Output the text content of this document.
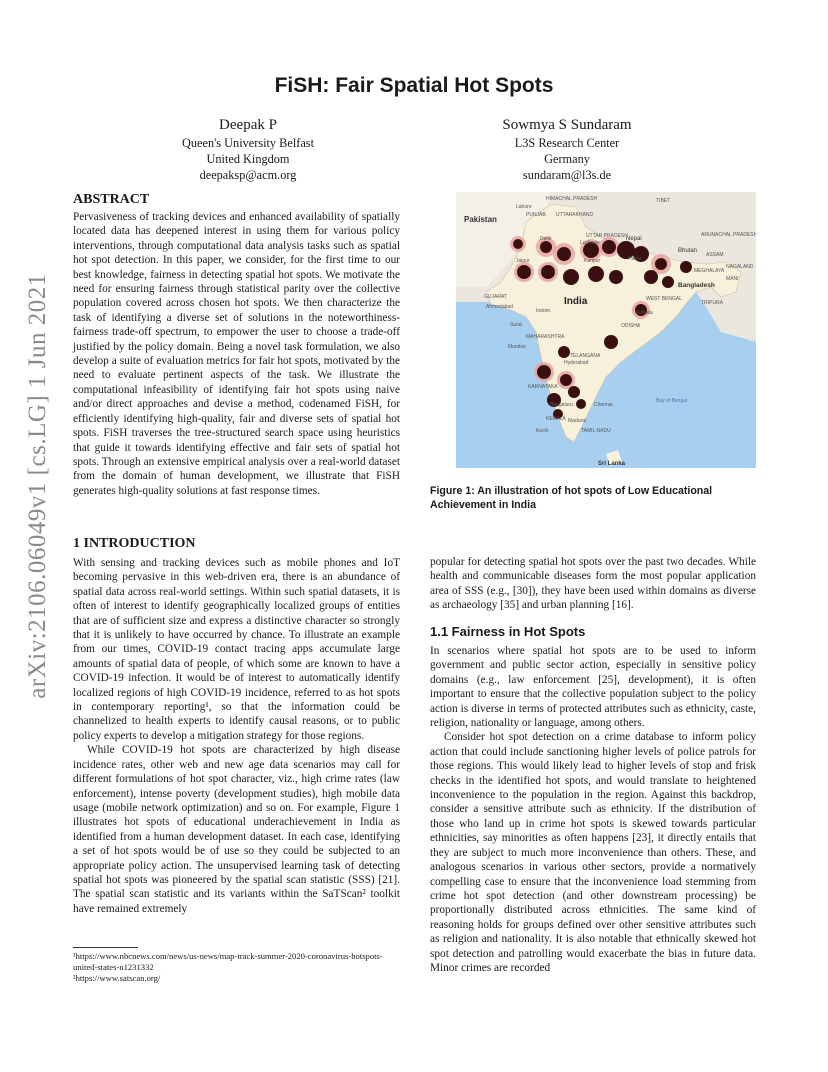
arXiv:2106.06049v1 [cs.LG] 1 Jun 2021
FiSH: Fair Spatial Hot Spots
Deepak P
Queen's University Belfast
United Kingdom
deepaksp@acm.org
Sowmya S Sundaram
L3S Research Center
Germany
sundaram@l3s.de
ABSTRACT

Pervasiveness of tracking devices and enhanced availability of spatially located data has deepened interest in using them for various policy interventions, through computational data analysis tasks such as spatial hot spot detection. In this paper, we consider, for the first time to our best knowledge, fairness in detecting spatial hot spots. We motivate the need for ensuring fairness through statistical parity over the collective population covered across chosen hot spots. We then characterize the task of identifying a diverse set of solutions in the noteworthiness-fairness trade-off spectrum, to empower the user to choose a trade-off justified by the policy domain. Being a novel task formulation, we also develop a suite of evaluation metrics for fair hot spots, motivated by the need to evaluate pertinent aspects of the task. We illustrate the computational infeasibility of identifying fair hot spots using naive and/or direct approaches and devise a method, codenamed FiSH, for efficiently identifying high-quality, fair and diverse sets of spatial hot spots. FiSH traverses the tree-structured search space using heuristics that guide it towards identifying effective and fair sets of spatial hot spots. Through an extensive empirical analysis over a real-world dataset from the domain of human development, we illustrate that FiSH generates high-quality solutions at fast response times.

1 INTRODUCTION

With sensing and tracking devices such as mobile phones and IoT becoming pervasive in this web-driven era, there is an abundance of spatial data across real-world settings. Within such spatial datasets, it is often of interest to identify geographically localized groups of entities that are of sufficient size and express a distinctive character so strongly that it is unlikely to have occurred by chance. To illustrate an example from our times, COVID-19 contact tracing apps accumulate large amounts of spatial data of people, of which some are known to have a COVID-19 infection. It would be of interest to automatically identify localized regions of high COVID-19 incidence, referred to as hot spots in contemporary reporting¹, so that the information could be channelized to health experts to identify causal reasons, or to public policy experts to develop a mitigation strategy for those regions.

While COVID-19 hot spots are characterized by high disease incidence rates, other web and new age data scenarios may call for different formulations of hot spot character, viz., high crime rates (law enforcement), intense poverty (development studies), high mobile data usage (mobile network optimization) and so on. For example, Figure 1 illustrates hot spots of educational underachievement in India as identified from a human development dataset. In each case, identifying a set of hot spots would be of use so they could be subjected to an appropriate policy action. The unsupervised learning task of detecting spatial hot spots was pioneered by the spatial scan statistic (SSS) [21]. The spatial scan statistic and its variants within the SaTScan² toolkit have remained extremely

¹https://www.nbcnews.com/news/us-news/map-track-summer-2020-coronavirus-hotspots-united-states-n1231332
²https://www.satscan.org/
Pakistan
India
Bangladesh
Bhutan
Nepal
Sri Lanka
Bay of Bengal
GUJARAT
Ahmedabad
Surat
Mumbai
MAHARASHTRA
KARNATAKA
KERALA
Chennai
Kolkata
ODISHA
TELANGANA
HIMACHAL PRADESH
PUNJAB UTTARAKHAND
TIBET
UTTAR PRADESH
TAMIL NADU
WEST BENGAL
ASSAM
TRIPURA
ARUNACHAL PRADESH
NAGALAND
MANI
MEGHALAYA
Lahore
Delhi
Jaipur
Indore
Madurai
Kochi
Bengaluru
Hyderabad
Kanpur	Patna
Lucknow
Figure 1: An illustration of hot spots of Low Educational Achievement in India

popular for detecting spatial hot spots over the past two decades. While health and communicable diseases form the most popular application area of SSS (e.g., [30]), they have been used within domains as diverse as archaeology [35] and urban planning [16].

1.1 Fairness in Hot Spots

In scenarios where spatial hot spots are to be used to inform government and public sector action, especially in sensitive policy domains (e.g., law enforcement [25], development), it is often important to ensure that the collective population subject to the policy action is diverse in terms of protected attributes such as ethnicity, caste, religion, nationality or language, among others.

Consider hot spot detection on a crime database to inform policy action that could include sanctioning higher levels of police patrols for those regions. This would likely lead to higher levels of stop and frisk checks in the identified hot spots, and would translate to heightened inconvenience to the population in the region. Against this backdrop, consider a sensitive attribute such as ethnicity. If the distribution of those who land up in crime hot spots is skewed towards particular ethnicities, say minorities as often happens [23], it directly entails that they are subject to much more inconvenience than others. These, and analogous scenarios in various other sectors, provide a normatively compelling case to ensure that the inconvenience load stemming from crime hot spot detection (and other downstream processing) be proportionally distributed across ethnicities. The same kind of reasoning holds for groups defined over other sensitive attributes such as religion and nationality. It is also notable that ethnically skewed hot spot detection and patrolling would exacerbate the bias in future data. Minor crimes are recorded
